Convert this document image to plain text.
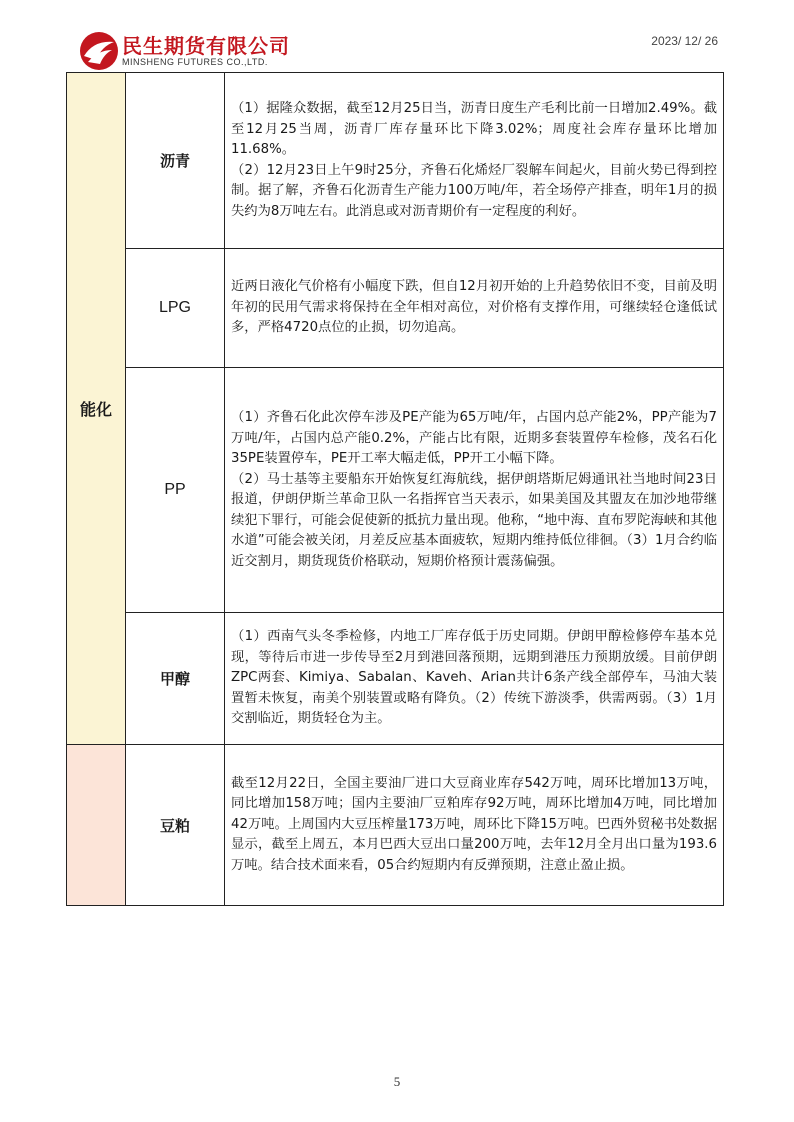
民生期货有限公司
MINSHENG FUTURES CO.,LTD.
2023/ 12/ 26
能化
沥青

（1）据隆众数据，截至12月25日当，沥青日度生产毛利比前一日增加2.49%。截至12月25当周，沥青厂库存量环比下降3.02%；周度社会库存量环比增加11.68%。

（2）12月23日上午9时25分，齐鲁石化烯烃厂裂解车间起火，目前火势已得到控制。据了解，齐鲁石化沥青生产能力100万吨/年，若全场停产排查，明年1月的损失约为8万吨左右。此消息或对沥青期价有一定程度的利好。

LPG

近两日液化气价格有小幅度下跌，但自12月初开始的上升趋势依旧不变，目前及明年初的民用气需求将保持在全年相对高位，对价格有支撑作用，可继续轻仓逢低试多，严格4720点位的止损，切勿追高。

PP

（1）齐鲁石化此次停车涉及PE产能为65万吨/年，占国内总产能2%，PP产能为7万吨/年，占国内总产能0.2%，产能占比有限，近期多套装置停车检修，茂名石化35PE装置停车，PE开工率大幅走低，PP开工小幅下降。

（2）马士基等主要船东开始恢复红海航线，据伊朗塔斯尼姆通讯社当地时间23日报道，伊朗伊斯兰革命卫队一名指挥官当天表示，如果美国及其盟友在加沙地带继续犯下罪行，可能会促使新的抵抗力量出现。他称，“地中海、直布罗陀海峡和其他水道”可能会被关闭，月差反应基本面疲软，短期内维持低位徘徊。（3）1月合约临近交割月，期货现货价格联动，短期价格预计震荡偏强。

甲醇

（1）西南气头冬季检修，内地工厂库存低于历史同期。伊朗甲醇检修停车基本兑现，等待后市进一步传导至2月到港回落预期，远期到港压力预期放缓。目前伊朗ZPC两套、Kimiya、Sabalan、Kaveh、Arian共计6条产线全部停车，马油大装置暂未恢复，南美个别装置或略有降负。（2）传统下游淡季，供需两弱。（3）1月交割临近，期货轻仓为主。

豆粕

截至12月22日，全国主要油厂进口大豆商业库存542万吨，周环比增加13万吨，同比增加158万吨；国内主要油厂豆粕库存92万吨，周环比增加4万吨，同比增加42万吨。上周国内大豆压榨量173万吨，周环比下降15万吨。巴西外贸秘书处数据显示，截至上周五，本月巴西大豆出口量200万吨，去年12月全月出口量为193.6万吨。结合技术面来看，05合约短期内有反弹预期，注意止盈止损。

5
